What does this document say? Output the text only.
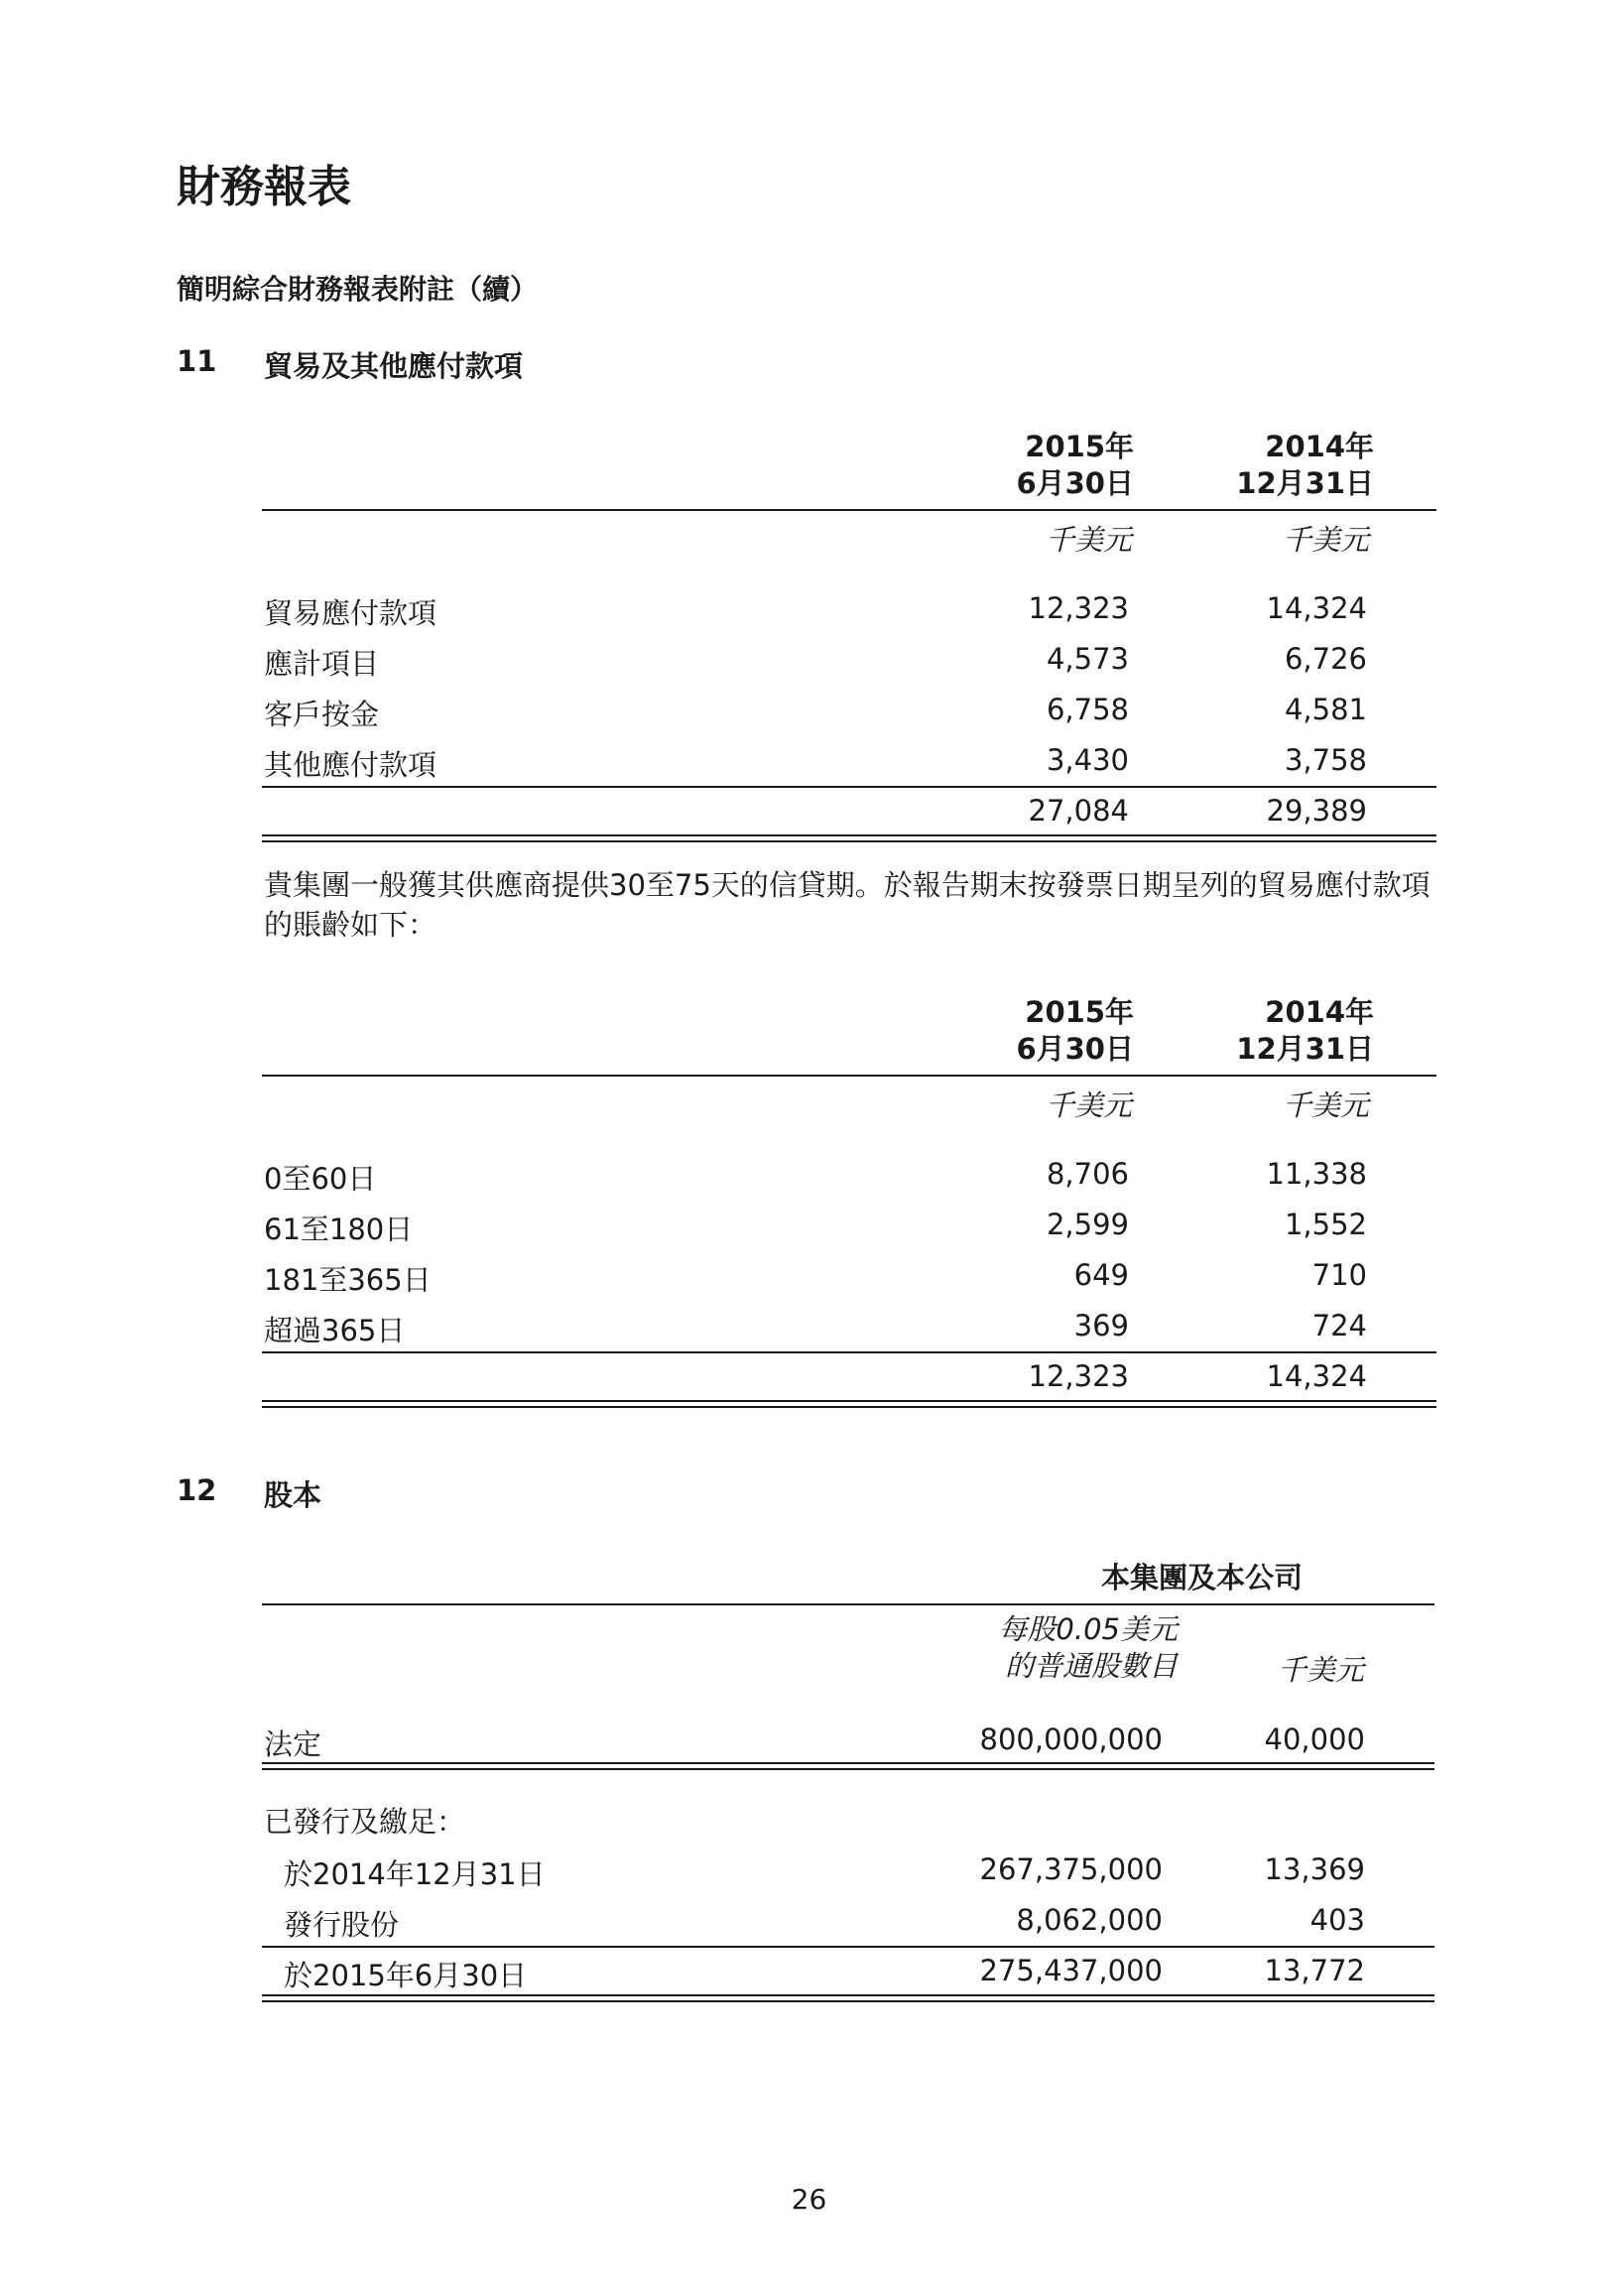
財務報表
簡明綜合財務報表附註（續）
11 貿易及其他應付款項
2015年
6月30日
2014年
12月31日
千美元	千美元
貿易應付款項	12,323	14,324
應計項目	4,573	6,726
客戶按金	6,758	4,581
其他應付款項	3,430	3,758
27,084	29,389
貴集團一般獲其供應商提供30至75天的信貸期。於報告期末按發票日期呈列的貿易應付款項的賬齡如下：
2015年
6月30日
2014年
12月31日
千美元	千美元
0至60日	8,706	11,338
61至180日	2,599	1,552
181至365日	649	710
超過365日	369	724
12,323	14,324
12 股本
本集團及本公司
每股0.05美元
的普通股數目	千美元
法定	800,000,000	40,000
已發行及繳足：
於2014年12月31日	267,375,000	13,369
發行股份	8,062,000	403
於2015年6月30日	275,437,000	13,772
26
